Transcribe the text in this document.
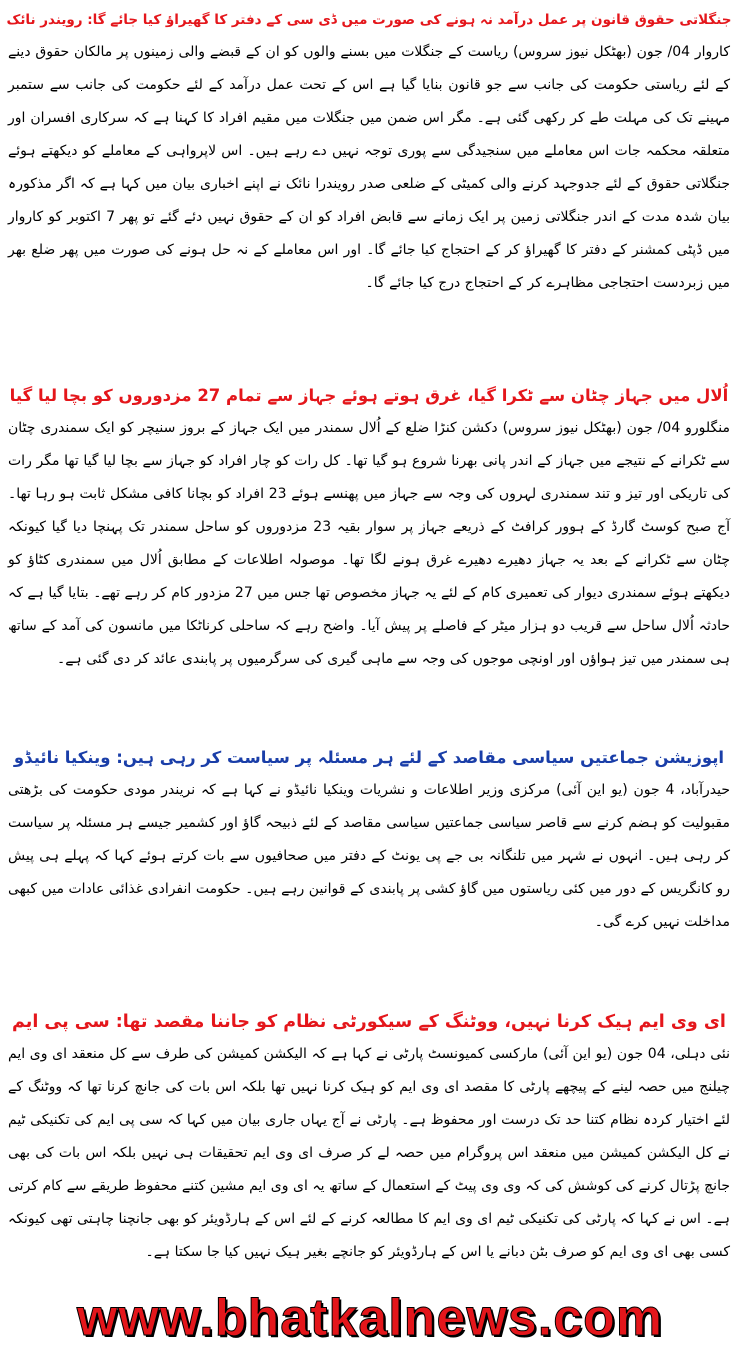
جنگلاتی حقوق قانون پر عمل درآمد نہ ہونے کی صورت میں ڈی سی کے دفتر کا گھیراؤ کیا جائے گا: رویندر نائک

کاروار 04/ جون (بھٹکل نیوز سروس) ریاست کے جنگلات میں بسنے والوں کو ان کے قبضے والی زمینوں پر مالکان حقوق دینے کے لئے ریاستی حکومت کی جانب سے جو قانون بنایا گیا ہے اس کے تحت عمل درآمد کے لئے حکومت کی جانب سے ستمبر مہینے تک کی مہلت طے کر رکھی گئی ہے۔ مگر اس ضمن میں جنگلات میں مقیم افراد کا کہنا ہے کہ سرکاری افسران اور متعلقہ محکمہ جات اس معاملے میں سنجیدگی سے پوری توجہ نہیں دے رہے ہیں۔ اس لاپرواہی کے معاملے کو دیکھتے ہوئے جنگلاتی حقوق کے لئے جدوجہد کرنے والی کمیٹی کے ضلعی صدر رویندرا نائک نے اپنے اخباری بیان میں کہا ہے کہ اگر مذکورہ بیان شدہ مدت کے اندر جنگلاتی زمین پر ایک زمانے سے قابض افراد کو ان کے حقوق نہیں دئے گئے تو پھر 7 اکتوبر کو کاروار میں ڈپٹی کمشنر کے دفتر کا گھیراؤ کر کے احتجاج کیا جائے گا۔ اور اس معاملے کے نہ حل ہونے کی صورت میں پھر ضلع بھر میں زبردست احتجاجی مظاہرے کر کے احتجاج درج کیا جائے گا۔

اُلال میں جہاز چٹان سے ٹکرا گیا، غرق ہوتے ہوئے جہاز سے تمام 27 مزدوروں کو بچا لیا گیا

منگلورو 04/ جون (بھٹکل نیوز سروس) دکشن کنڑا ضلع کے اُلال سمندر میں ایک جہاز کے بروز سنیچر کو ایک سمندری چٹان سے ٹکرانے کے نتیجے میں جہاز کے اندر پانی بھرنا شروع ہو گیا تھا۔ کل رات کو چار افراد کو جہاز سے بچا لیا گیا تھا مگر رات کی تاریکی اور تیز و تند سمندری لہروں کی وجہ سے جہاز میں پھنسے ہوئے 23 افراد کو بچانا کافی مشکل ثابت ہو رہا تھا۔ آج صبح کوسٹ گارڈ کے ہوور کرافٹ کے ذریعے جہاز پر سوار بقیہ 23 مزدوروں کو ساحل سمندر تک پہنچا دیا گیا کیونکہ چٹان سے ٹکرانے کے بعد یہ جہاز دھیرے دھیرے غرق ہونے لگا تھا۔ موصولہ اطلاعات کے مطابق اُلال میں سمندری کٹاؤ کو دیکھتے ہوئے سمندری دیوار کی تعمیری کام کے لئے یہ جہاز مخصوص تھا جس میں 27 مزدور کام کر رہے تھے۔ بتایا گیا ہے کہ حادثہ اُلال ساحل سے قریب دو ہزار میٹر کے فاصلے پر پیش آیا۔ واضح رہے کہ ساحلی کرناٹکا میں مانسون کی آمد کے ساتھ ہی سمندر میں تیز ہواؤں اور اونچی موجوں کی وجہ سے ماہی گیری کی سرگرمیوں پر پابندی عائد کر دی گئی ہے۔

اپوزیشن جماعتیں سیاسی مقاصد کے لئے ہر مسئلہ پر سیاست کر رہی ہیں: وینکیا نائیڈو

حیدرآباد، 4 جون (یو این آئی) مرکزی وزیر اطلاعات و نشریات وینکیا نائیڈو نے کہا ہے کہ نریندر مودی حکومت کی بڑھتی مقبولیت کو ہضم کرنے سے قاصر سیاسی جماعتیں سیاسی مقاصد کے لئے ذبیحہ گاؤ اور کشمیر جیسے ہر مسئلہ پر سیاست کر رہی ہیں۔ انہوں نے شہر میں تلنگانہ بی جے پی یونٹ کے دفتر میں صحافیوں سے بات کرتے ہوئے کہا کہ پہلے ہی پیش رو کانگریس کے دور میں کئی ریاستوں میں گاؤ کشی پر پابندی کے قوانین رہے ہیں۔ حکومت انفرادی غذائی عادات میں کبھی مداخلت نہیں کرے گی۔

ای وی ایم ہیک کرنا نہیں، ووٹنگ کے سیکورٹی نظام کو جاننا مقصد تھا: سی پی ایم

نئی دہلی، 04 جون (یو این آئی) مارکسی کمیونسٹ پارٹی نے کہا ہے کہ الیکشن کمیشن کی طرف سے کل منعقد ای وی ایم چیلنج میں حصہ لینے کے پیچھے پارٹی کا مقصد ای وی ایم کو ہیک کرنا نہیں تھا بلکہ اس بات کی جانچ کرنا تھا کہ ووٹنگ کے لئے اختیار کردہ نظام کتنا حد تک درست اور محفوظ ہے۔ پارٹی نے آج یہاں جاری بیان میں کہا کہ سی پی ایم کی تکنیکی ٹیم نے کل الیکشن کمیشن میں منعقد اس پروگرام میں حصہ لے کر صرف ای وی ایم تحقیقات ہی نہیں بلکہ اس بات کی بھی جانچ پڑتال کرنے کی کوشش کی کہ وی وی پیٹ کے استعمال کے ساتھ یہ ای وی ایم مشین کتنے محفوظ طریقے سے کام کرتی ہے۔ اس نے کہا کہ پارٹی کی تکنیکی ٹیم ای وی ایم کا مطالعہ کرنے کے لئے اس کے ہارڈویئر کو بھی جانچنا چاہتی تھی کیونکہ کسی بھی ای وی ایم کو صرف بٹن دبانے یا اس کے ہارڈویئر کو جانچے بغیر ہیک نہیں کیا جا سکتا ہے۔

www.bhatkalnews.com
